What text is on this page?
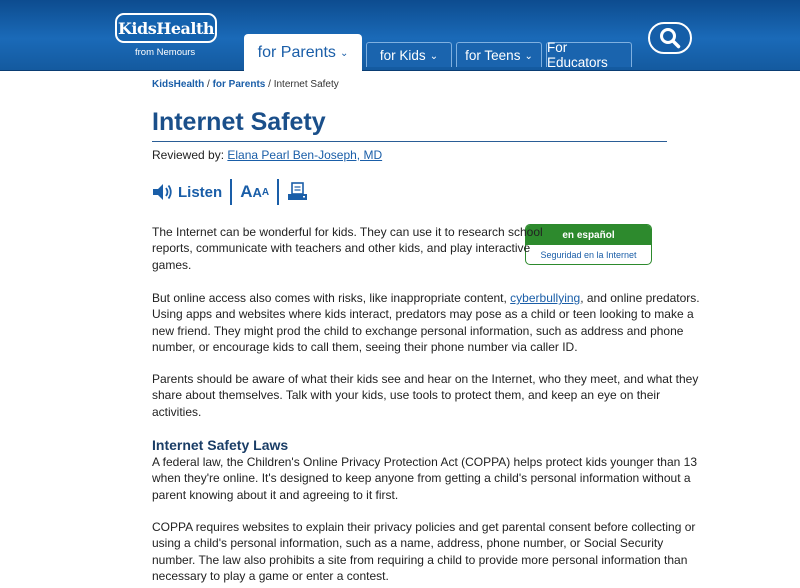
KidsHealth
from Nemours	for Parents ⌄ for Kids ⌄ for Teens ⌄
For Educators
KidsHealth / for Parents / Internet Safety
Internet Safety
Reviewed by: Elana Pearl Ben-Joseph, MD
Listen A A A
en español
Seguridad en la Internet
The Internet can be wonderful for kids. They can use it to research school
reports, communicate with teachers and other kids, and play interactive
games.
But online access also comes with risks, like inappropriate content, cyberbullying, and online predators.
Using apps and websites where kids interact, predators may pose as a child or teen looking to make a
new friend. They might prod the child to exchange personal information, such as address and phone
number, or encourage kids to call them, seeing their phone number via caller ID.
Parents should be aware of what their kids see and hear on the Internet, who they meet, and what they
share about themselves. Talk with your kids, use tools to protect them, and keep an eye on their
activities.
Internet Safety Laws
A federal law, the Children's Online Privacy Protection Act (COPPA) helps protect kids younger than 13
when they're online. It's designed to keep anyone from getting a child's personal information without a
parent knowing about it and agreeing to it first.
COPPA requires websites to explain their privacy policies and get parental consent before collecting or
using a child's personal information, such as a name, address, phone number, or Social Security
number. The law also prohibits a site from requiring a child to provide more personal information than
necessary to play a game or enter a contest.
